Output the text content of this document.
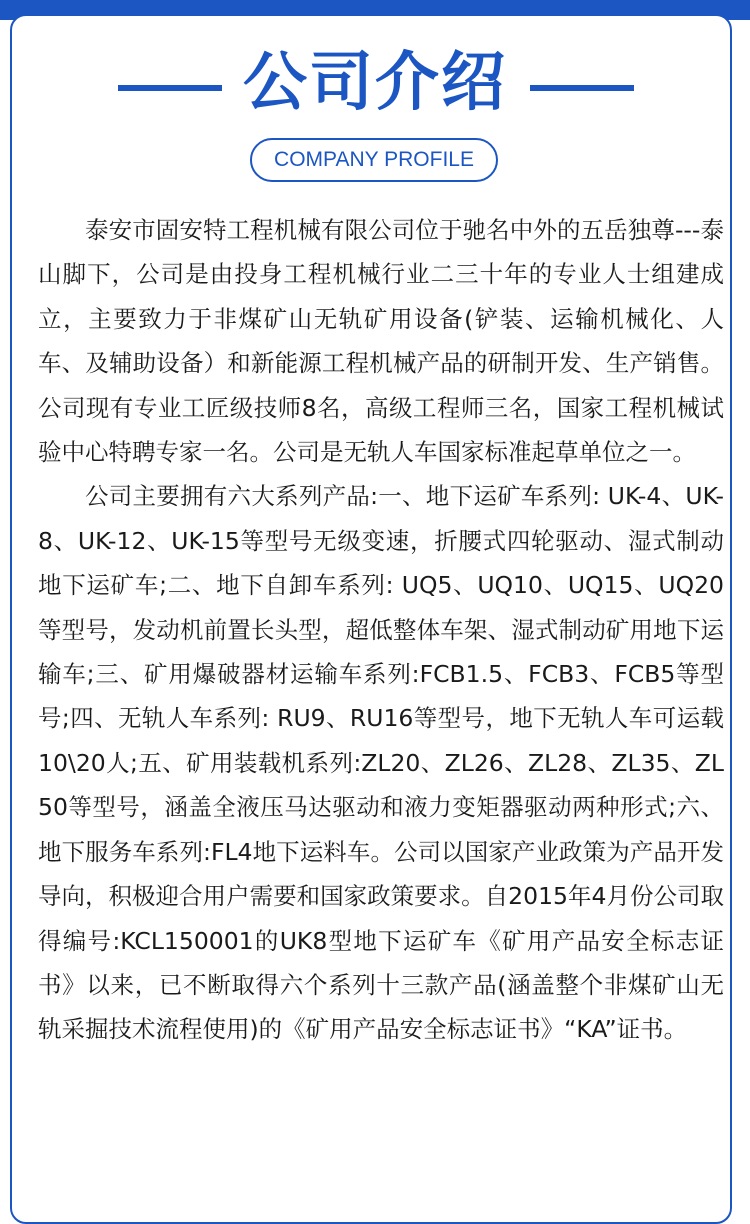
公司介绍
COMPANY PROFILE

泰安市固安特工程机械有限公司位于驰名中外的五岳独尊---泰山脚下，公司是由投身工程机械行业二三十年的专业人士组建成立，主要致力于非煤矿山无轨矿用设备(铲装、运输机械化、人车、及辅助设备）和新能源工程机械产品的研制开发、生产销售。公司现有专业工匠级技师8名，高级工程师三名，国家工程机械试验中心特聘专家一名。公司是无轨人车国家标准起草单位之一。

公司主要拥有六大系列产品:一、地下运矿车系列: UK-4、UK-8、UK-12、UK-15等型号无级变速，折腰式四轮驱动、湿式制动地下运矿车;二、地下自卸车系列: UQ5、UQ10、UQ15、UQ20等型号，发动机前置长头型，超低整体车架、湿式制动矿用地下运输车;三、矿用爆破器材运输车系列:FCB1.5、FCB3、FCB5等型号;四、无轨人车系列: RU9、RU16等型号，地下无轨人车可运载10\20人;五、矿用装载机系列:ZL20、ZL26、ZL28、ZL35、ZL50等型号，涵盖全液压马达驱动和液力变矩器驱动两种形式;六、地下服务车系列:FL4地下运料车。公司以国家产业政策为产品开发导向，积极迎合用户需要和国家政策要求。自2015年4月份公司取得编号:KCL150001的UK8型地下运矿车《矿用产品安全标志证书》以来，已不断取得六个系列十三款产品(涵盖整个非煤矿山无轨采掘技术流程使用)的《矿用产品安全标志证书》“KA”证书。
